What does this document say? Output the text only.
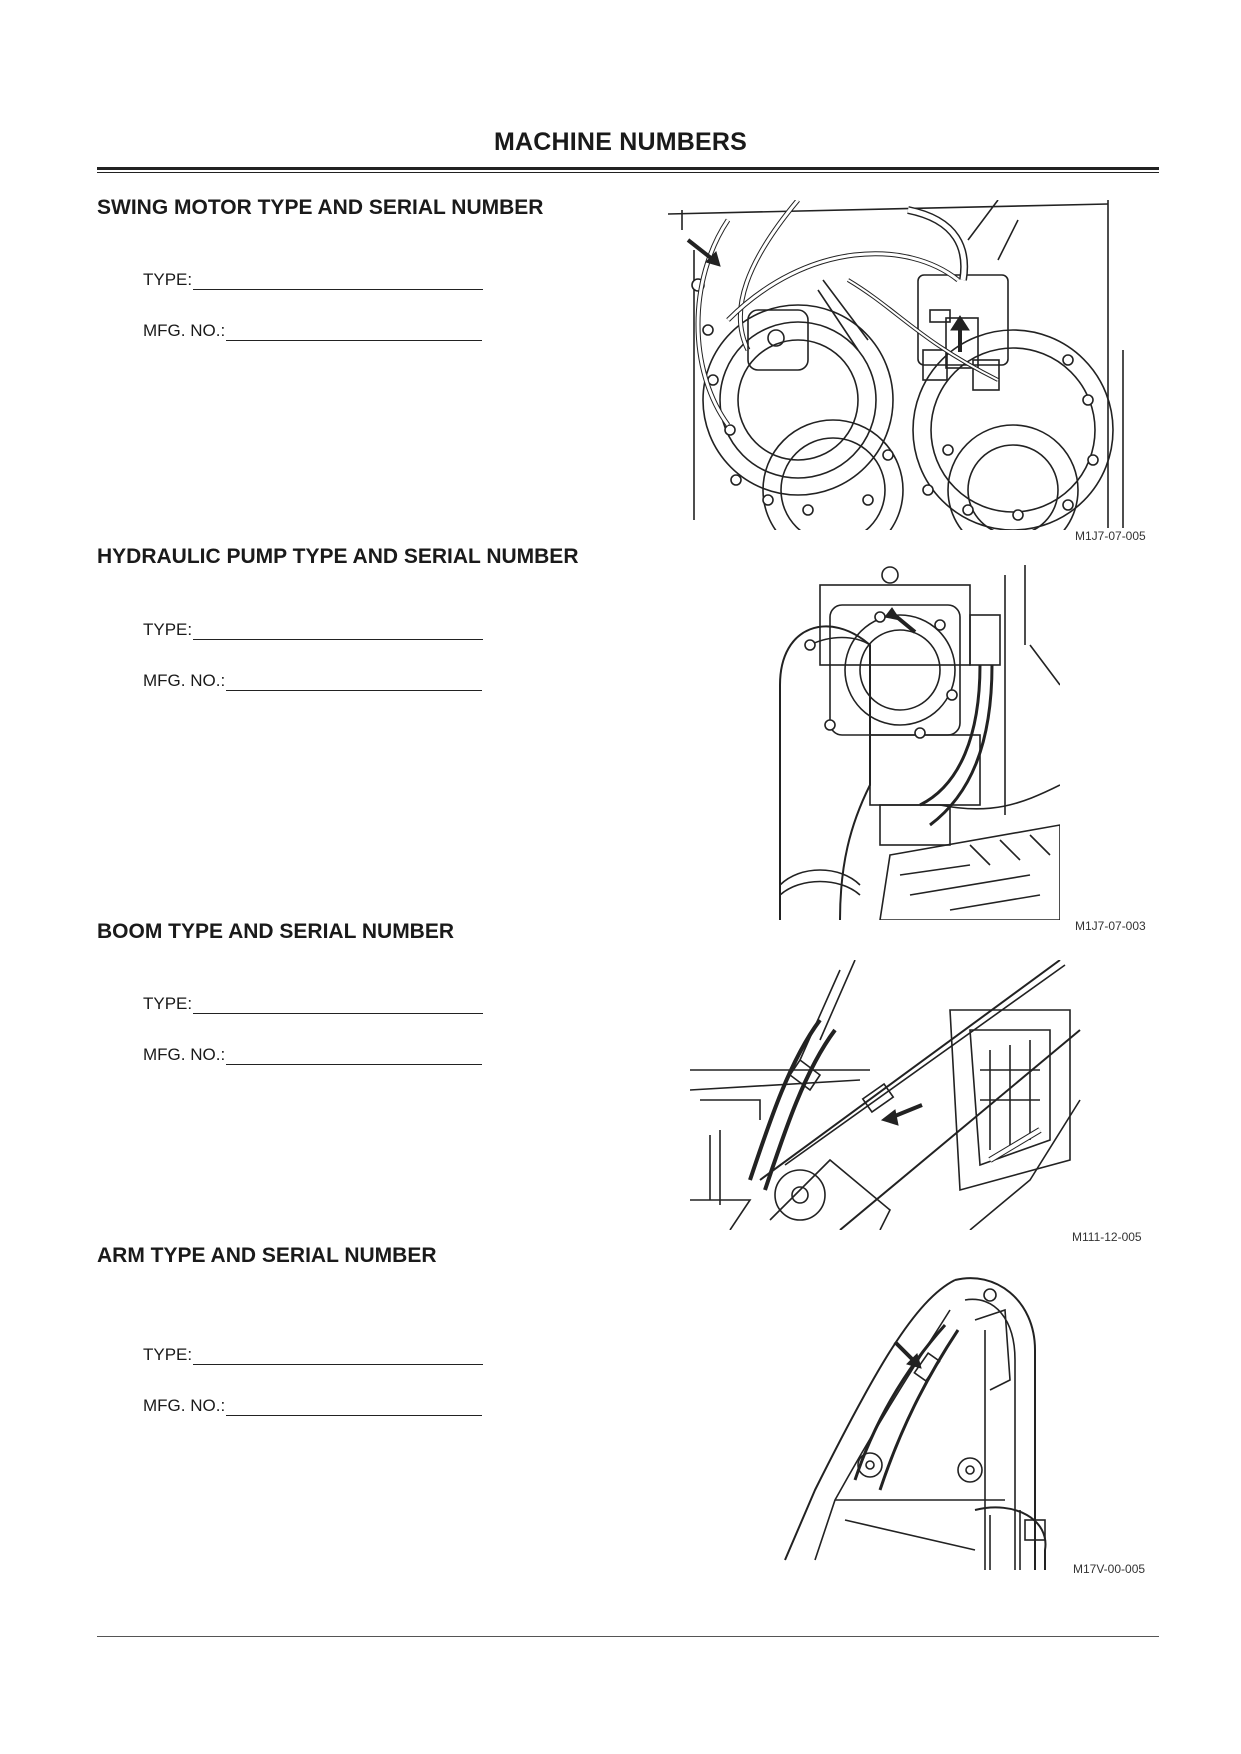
MACHINE NUMBERS
SWING MOTOR TYPE AND SERIAL NUMBER
TYPE:
MFG. NO.:
M1J7-07-005
HYDRAULIC PUMP TYPE AND SERIAL NUMBER
TYPE:
MFG. NO.:
M1J7-07-003
BOOM TYPE AND SERIAL NUMBER
TYPE:
MFG. NO.:
M111-12-005
ARM TYPE AND SERIAL NUMBER
TYPE:
MFG. NO.:
M17V-00-005
